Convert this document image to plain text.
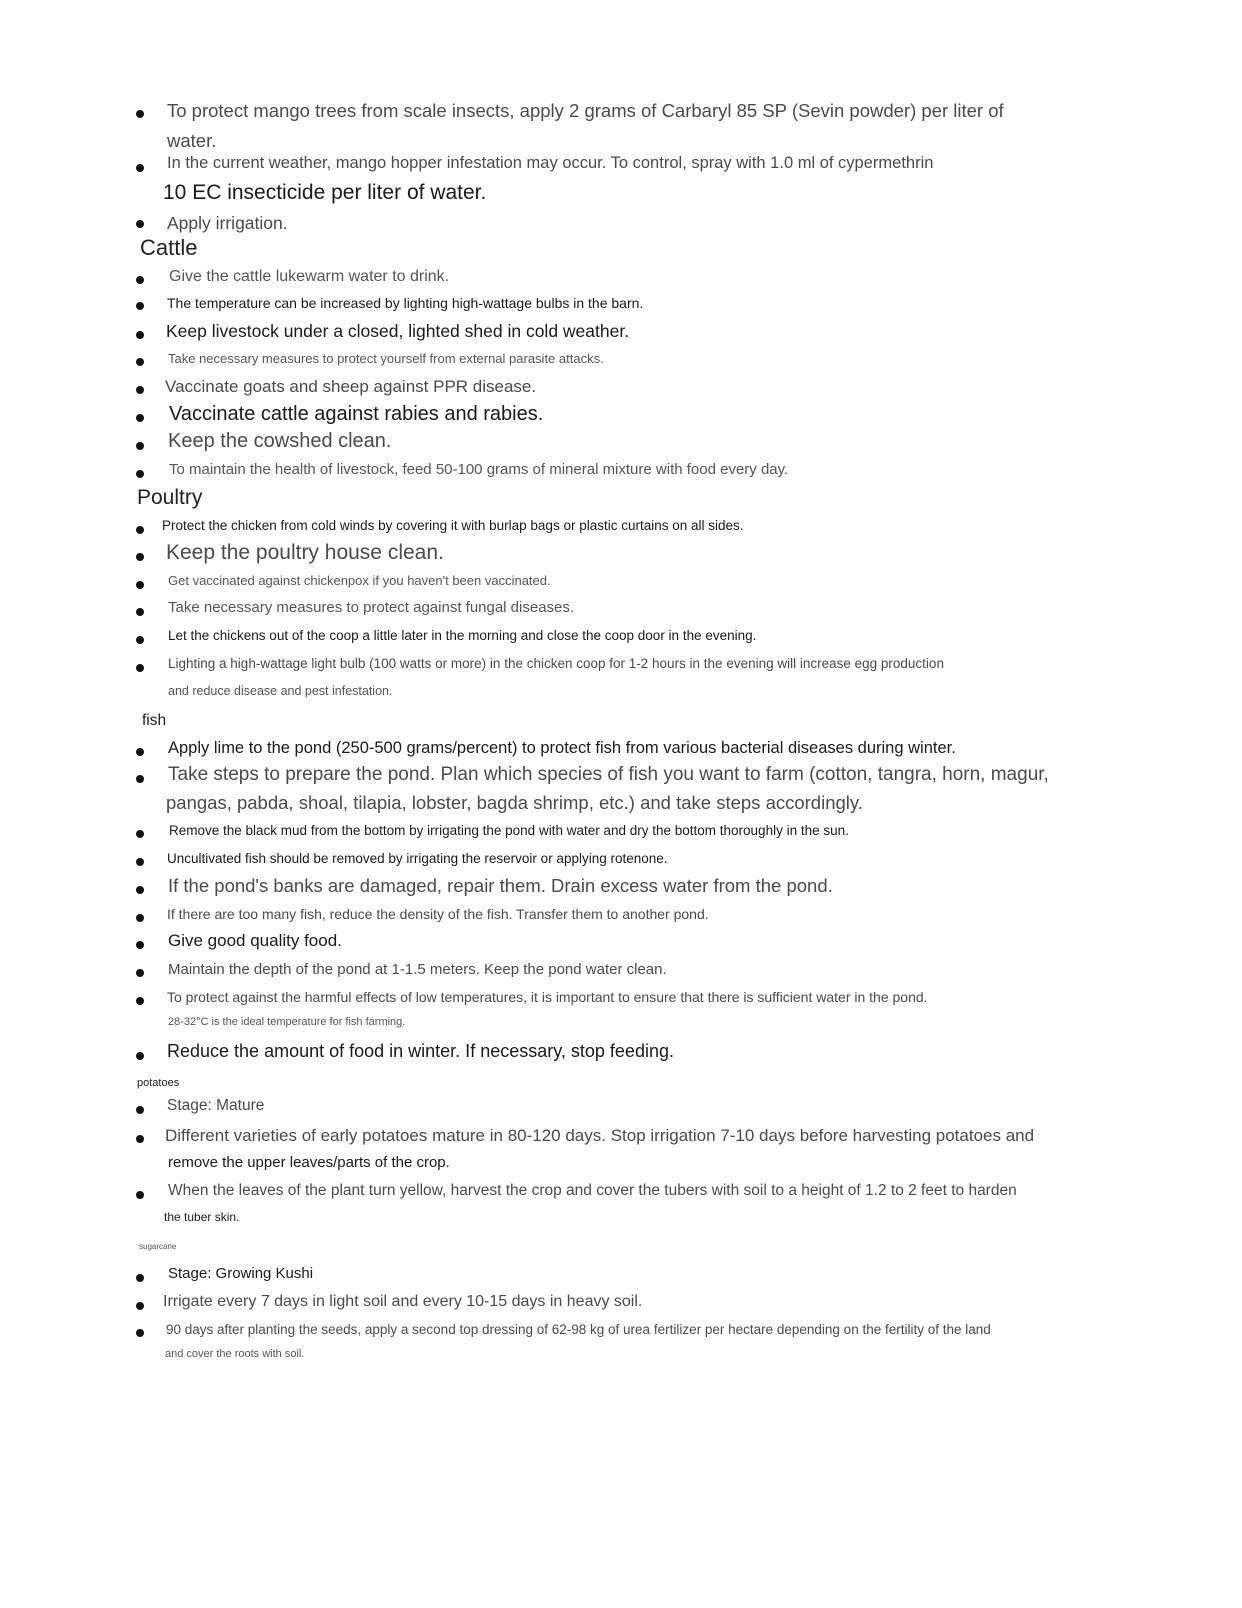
To protect mango trees from scale insects, apply 2 grams of Carbaryl 85 SP (Sevin powder) per liter of
water.
In the current weather, mango hopper infestation may occur. To control, spray with 1.0 ml of cypermethrin
10 EC insecticide per liter of water.
Apply irrigation.
Cattle
Give the cattle lukewarm water to drink.
The temperature can be increased by lighting high-wattage bulbs in the barn.
Keep livestock under a closed, lighted shed in cold weather.
Take necessary measures to protect yourself from external parasite attacks.
Vaccinate goats and sheep against PPR disease.
Vaccinate cattle against rabies and rabies.
Keep the cowshed clean.
To maintain the health of livestock, feed 50-100 grams of mineral mixture with food every day.
Poultry
Protect the chicken from cold winds by covering it with burlap bags or plastic curtains on all sides.
Keep the poultry house clean.
Get vaccinated against chickenpox if you haven't been vaccinated.
Take necessary measures to protect against fungal diseases.
Let the chickens out of the coop a little later in the morning and close the coop door in the evening.
Lighting a high-wattage light bulb (100 watts or more) in the chicken coop for 1-2 hours in the evening will increase egg production
and reduce disease and pest infestation.
fish
Apply lime to the pond (250-500 grams/percent) to protect fish from various bacterial diseases during winter.
Take steps to prepare the pond. Plan which species of fish you want to farm (cotton, tangra, horn, magur,
pangas, pabda, shoal, tilapia, lobster, bagda shrimp, etc.) and take steps accordingly.
Remove the black mud from the bottom by irrigating the pond with water and dry the bottom thoroughly in the sun.
Uncultivated fish should be removed by irrigating the reservoir or applying rotenone.
If the pond's banks are damaged, repair them. Drain excess water from the pond.
If there are too many fish, reduce the density of the fish. Transfer them to another pond.
Give good quality food.
Maintain the depth of the pond at 1-1.5 meters. Keep the pond water clean.
To protect against the harmful effects of low temperatures, it is important to ensure that there is sufficient water in the pond.
28-32°C is the ideal temperature for fish farming.
Reduce the amount of food in winter. If necessary, stop feeding.
potatoes
Stage: Mature
Different varieties of early potatoes mature in 80-120 days. Stop irrigation 7-10 days before harvesting potatoes and
remove the upper leaves/parts of the crop.
When the leaves of the plant turn yellow, harvest the crop and cover the tubers with soil to a height of 1.2 to 2 feet to harden
the tuber skin.
sugarcane
Stage: Growing Kushi
Irrigate every 7 days in light soil and every 10-15 days in heavy soil.
90 days after planting the seeds, apply a second top dressing of 62-98 kg of urea fertilizer per hectare depending on the fertility of the land
and cover the roots with soil.
